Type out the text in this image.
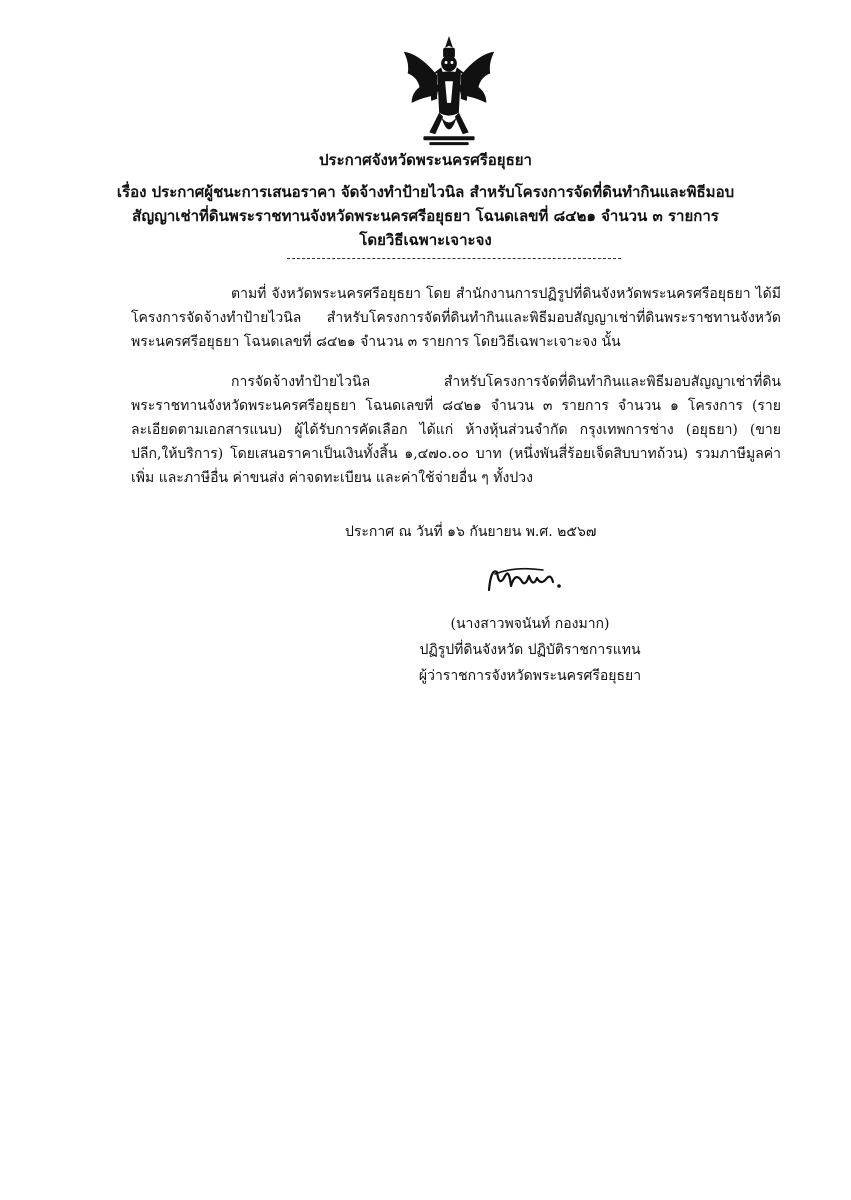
ประกาศจังหวัดพระนครศรีอยุธยา
เรื่อง ประกาศผู้ชนะการเสนอราคา จัดจ้างทำป้ายไวนิล สำหรับโครงการจัดที่ดินทำกินและพิธีมอบ
สัญญาเช่าที่ดินพระราชทานจังหวัดพระนครศรีอยุธยา โฉนดเลขที่ ๘๔๒๑ จำนวน ๓ รายการ
โดยวิธีเฉพาะเจาะจง
ตามที่ จังหวัดพระนครศรีอยุธยา โดย สำนักงานการปฏิรูปที่ดินจังหวัดพระนครศรีอยุธยา ได้มีโครงการจัดจ้างทำป้ายไวนิล สำหรับโครงการจัดที่ดินทำกินและพิธีมอบสัญญาเช่าที่ดินพระราชทานจังหวัดพระนครศรีอยุธยา โฉนดเลขที่ ๘๔๒๑ จำนวน ๓ รายการ โดยวิธีเฉพาะเจาะจง นั้น
การจัดจ้างทำป้ายไวนิล สำหรับโครงการจัดที่ดินทำกินและพิธีมอบสัญญาเช่าที่ดินพระราชทานจังหวัดพระนครศรีอยุธยา โฉนดเลขที่ ๘๔๒๑ จำนวน ๓ รายการ จำนวน ๑ โครงการ (รายละเอียดตามเอกสารแนบ) ผู้ได้รับการคัดเลือก ได้แก่ ห้างหุ้นส่วนจำกัด กรุงเทพการช่าง (อยุธยา) (ขายปลีก,ให้บริการ) โดยเสนอราคาเป็นเงินทั้งสิ้น ๑,๔๗๐.๐๐ บาท (หนึ่งพันสี่ร้อยเจ็ดสิบบาทถ้วน) รวมภาษีมูลค่าเพิ่ม และภาษีอื่น ค่าขนส่ง ค่าจดทะเบียน และค่าใช้จ่ายอื่น ๆ ทั้งปวง
ประกาศ ณ วันที่ ๑๖ กันยายน พ.ศ. ๒๕๖๗
(นางสาวพจนันท์ กองมาก)
ปฏิรูปที่ดินจังหวัด ปฏิบัติราชการแทน
ผู้ว่าราชการจังหวัดพระนครศรีอยุธยา
